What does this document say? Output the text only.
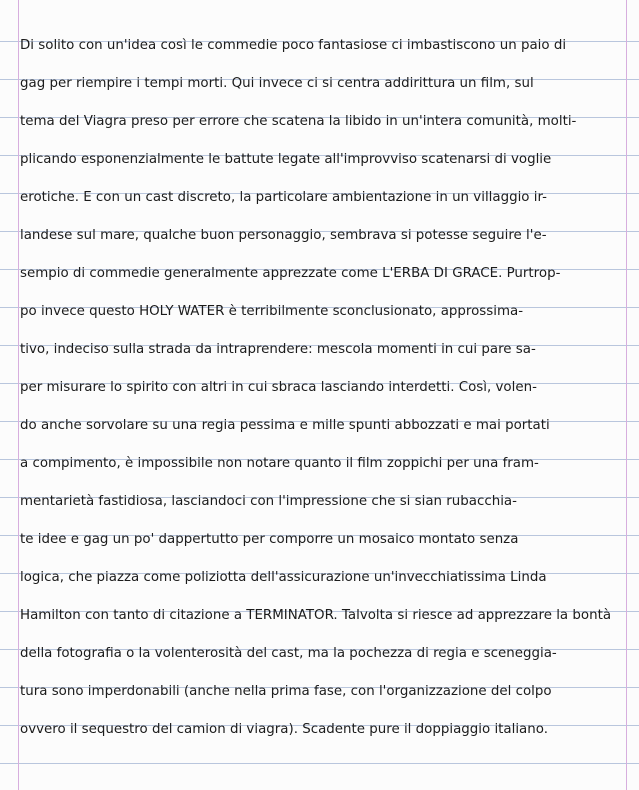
Di solito con un'idea così le commedie poco fantasiose ci imbastiscono un paio di
gag per riempire i tempi morti. Qui invece ci si centra addirittura un film, sul
tema del Viagra preso per errore che scatena la libido in un'intera comunità, molti-
plicando esponenzialmente le battute legate all'improvviso scatenarsi di voglie
erotiche. E con un cast discreto, la particolare ambientazione in un villaggio ir-
landese sul mare, qualche buon personaggio, sembrava si potesse seguire l'e-
sempio di commedie generalmente apprezzate come L'ERBA DI GRACE. Purtrop-
po invece questo HOLY WATER è terribilmente sconclusionato, approssima-
tivo, indeciso sulla strada da intraprendere: mescola momenti in cui pare sa-
per misurare lo spirito con altri in cui sbraca lasciando interdetti. Così, volen-
do anche sorvolare su una regia pessima e mille spunti abbozzati e mai portati
a compimento, è impossibile non notare quanto il film zoppichi per una fram-
mentarietà fastidiosa, lasciandoci con l'impressione che si sian rubacchia-
te idee e gag un po' dappertutto per comporre un mosaico montato senza
logica, che piazza come poliziotta dell'assicurazione un'invecchiatissima Linda
Hamilton con tanto di citazione a TERMINATOR. Talvolta si riesce ad apprezzare la bontà
della fotografia o la volenterosità del cast, ma la pochezza di regia e sceneggia-
tura sono imperdonabili (anche nella prima fase, con l'organizzazione del colpo
ovvero il sequestro del camion di viagra). Scadente pure il doppiaggio italiano.
